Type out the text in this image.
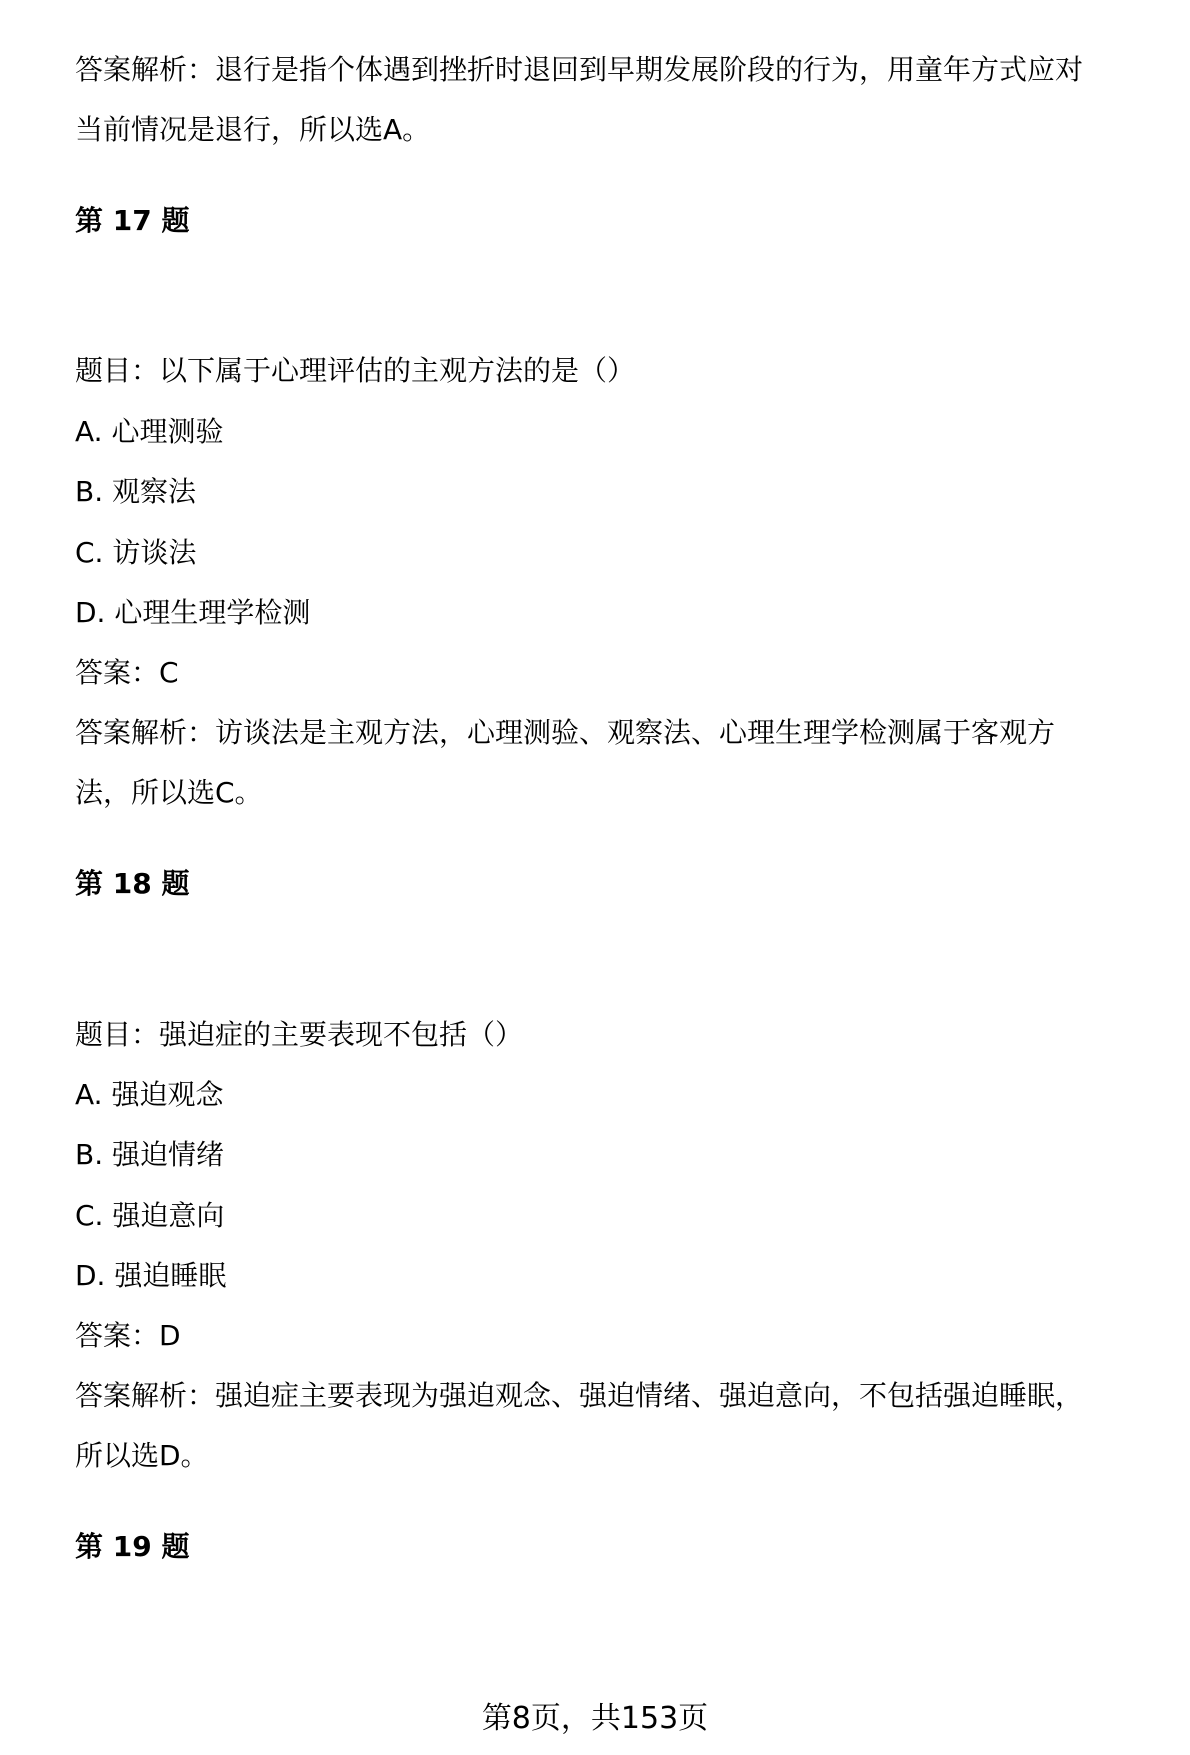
答案解析：退行是指个体遇到挫折时退回到早期发展阶段的行为，用童年方式应对
当前情况是退行，所以选A。
第 17 题
题目：以下属于心理评估的主观方法的是（）
A. 心理测验
B. 观察法
C. 访谈法
D. 心理生理学检测
答案：C
答案解析：访谈法是主观方法，心理测验、观察法、心理生理学检测属于客观方
法，所以选C。
第 18 题
题目：强迫症的主要表现不包括（）
A. 强迫观念
B. 强迫情绪
C. 强迫意向
D. 强迫睡眠
答案：D
答案解析：强迫症主要表现为强迫观念、强迫情绪、强迫意向，不包括强迫睡眠，
所以选D。
第 19 题
第8页，共153页
